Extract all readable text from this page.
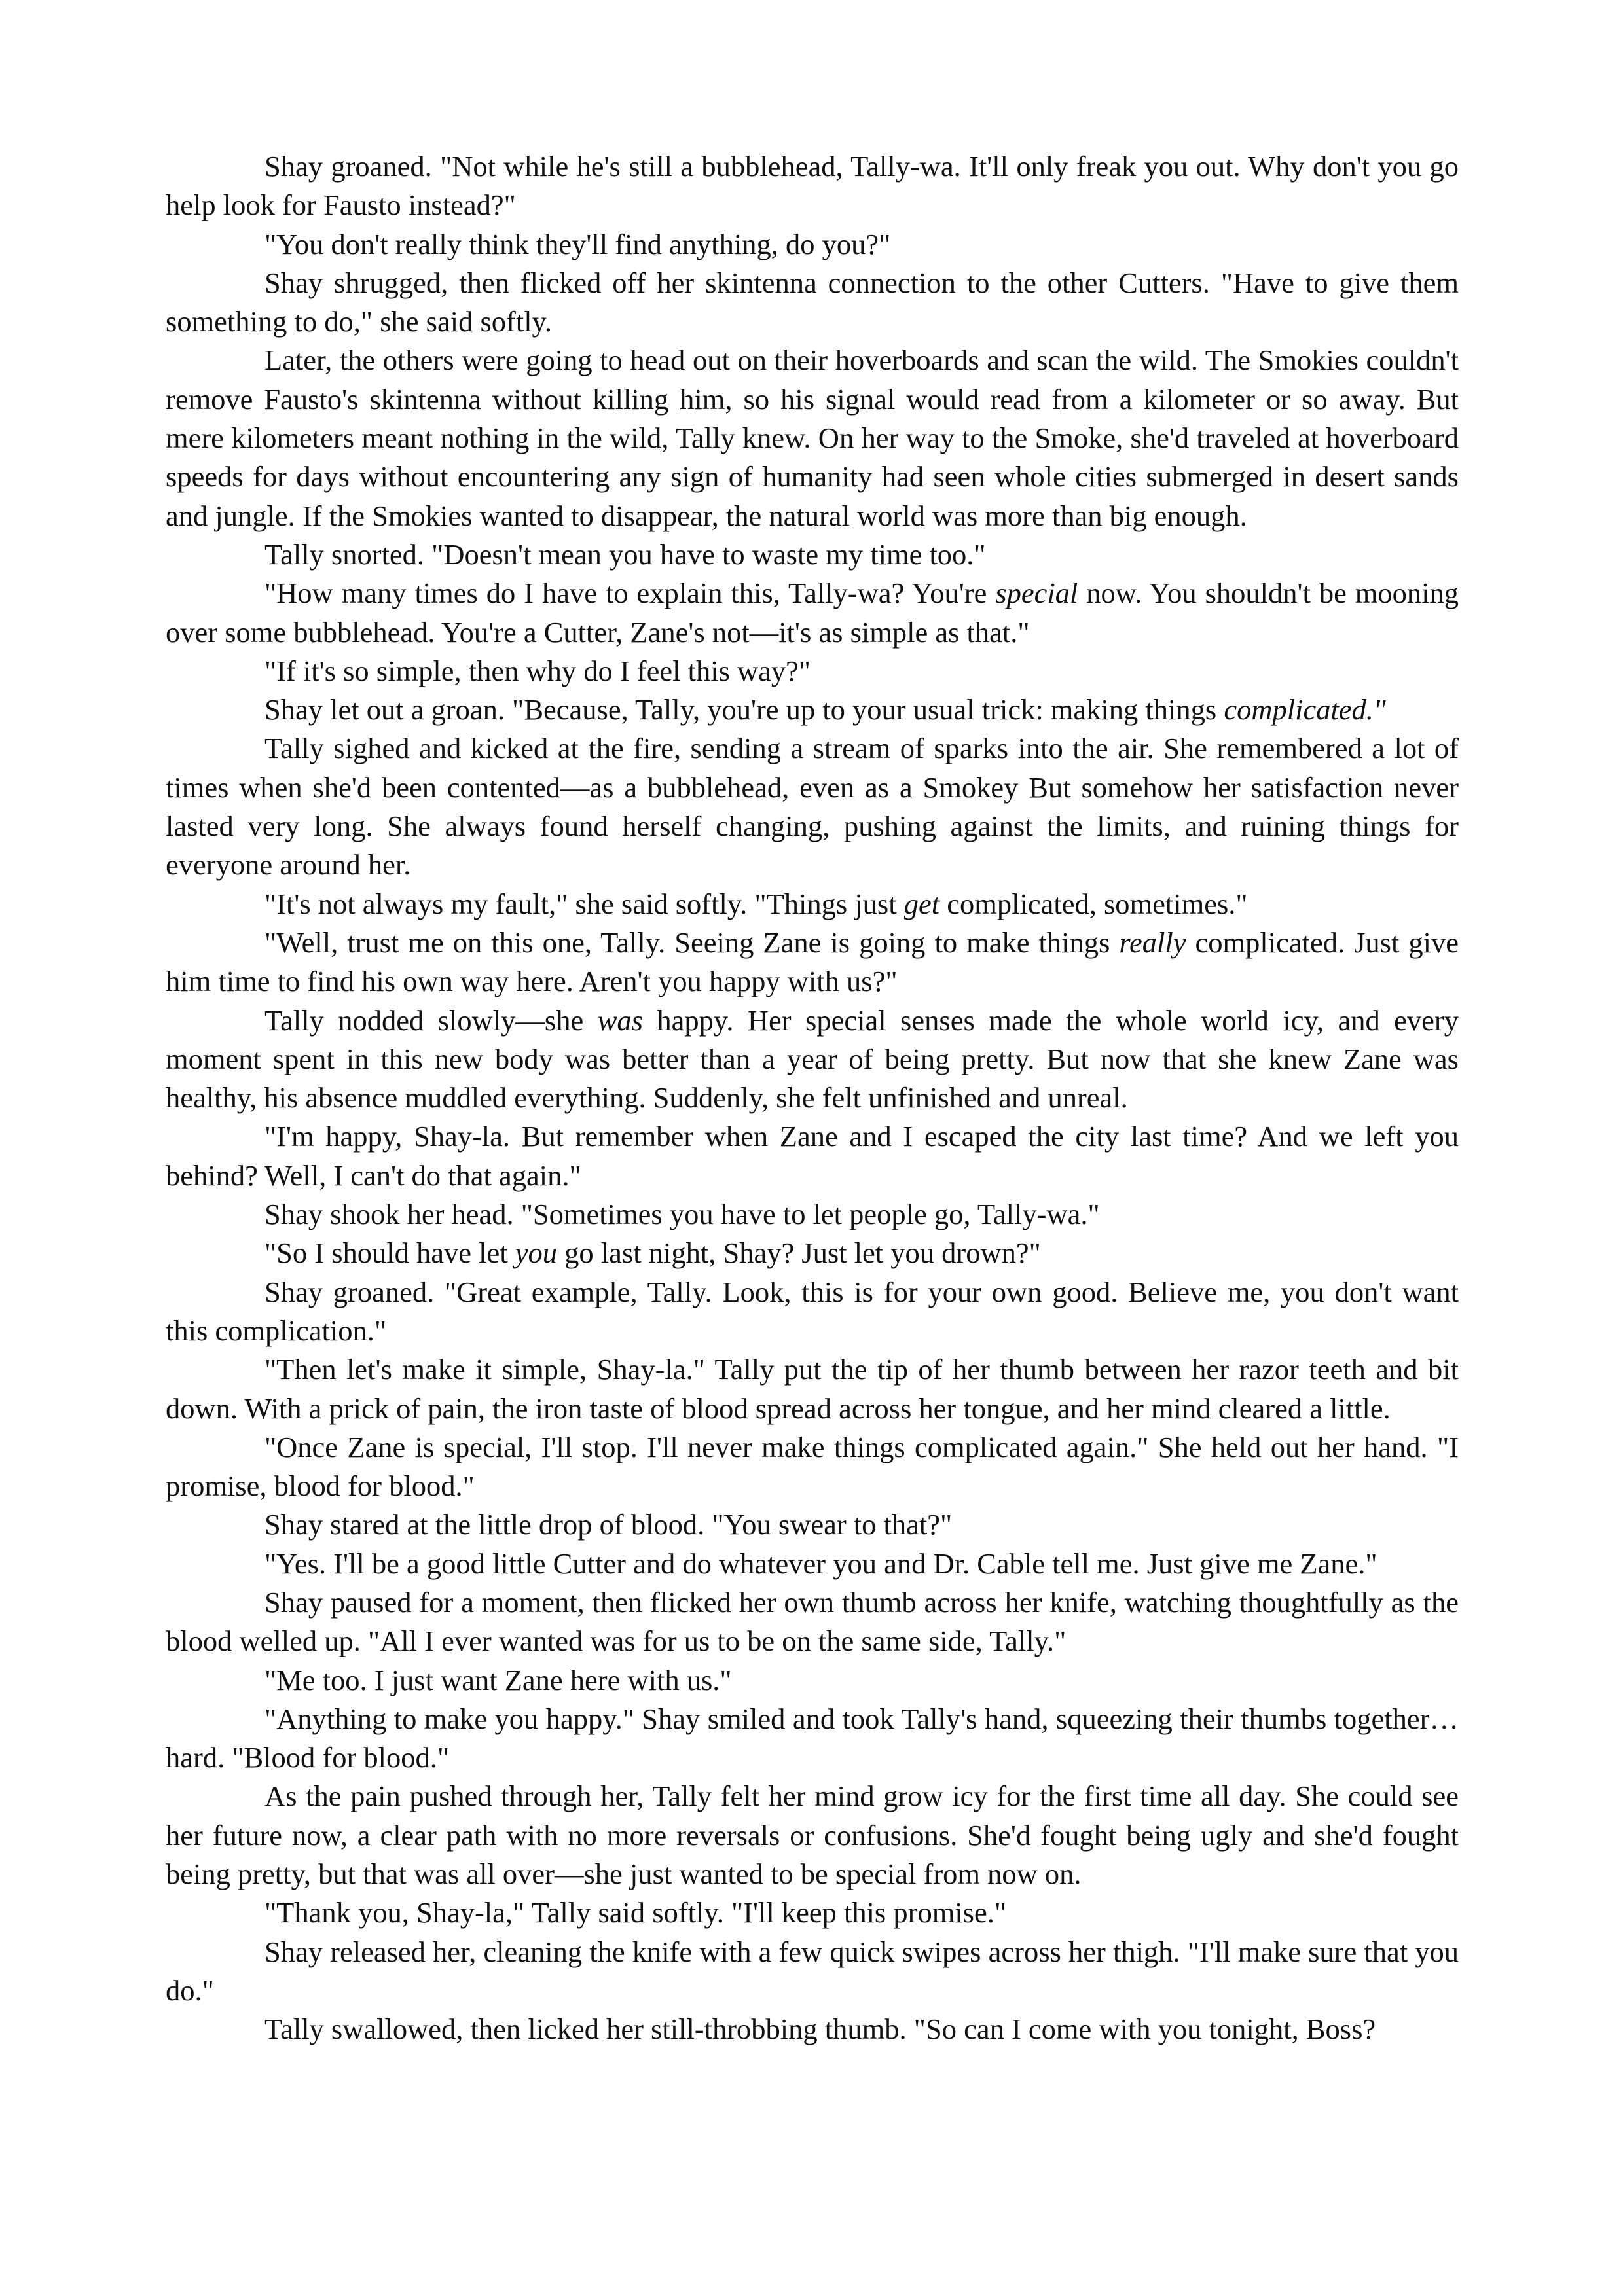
Shay groaned. "Not while he's still a bubblehead, Tally-wa. It'll only freak you out. Why don't you go help look for Fausto instead?"

"You don't really think they'll find anything, do you?"

Shay shrugged, then flicked off her skintenna connection to the other Cutters. "Have to give them something to do," she said softly.

Later, the others were going to head out on their hoverboards and scan the wild. The Smokies couldn't remove Fausto's skintenna without killing him, so his signal would read from a kilometer or so away. But mere kilometers meant nothing in the wild, Tally knew. On her way to the Smoke, she'd traveled at hoverboard speeds for days without encountering any sign of humanity had seen whole cities submerged in desert sands and jungle. If the Smokies wanted to disappear, the natural world was more than big enough.

Tally snorted. "Doesn't mean you have to waste my time too."

"How many times do I have to explain this, Tally-wa? You're special now. You shouldn't be mooning over some bubblehead. You're a Cutter, Zane's not—it's as simple as that."

"If it's so simple, then why do I feel this way?"

Shay let out a groan. "Because, Tally, you're up to your usual trick: making things complicated."

Tally sighed and kicked at the fire, sending a stream of sparks into the air. She remembered a lot of times when she'd been contented—as a bubblehead, even as a Smokey But somehow her satisfaction never lasted very long. She always found herself changing, pushing against the limits, and ruining things for everyone around her.

"It's not always my fault," she said softly. "Things just get complicated, sometimes."

"Well, trust me on this one, Tally. Seeing Zane is going to make things really complicated. Just give him time to find his own way here. Aren't you happy with us?"

Tally nodded slowly—she was happy. Her special senses made the whole world icy, and every moment spent in this new body was better than a year of being pretty. But now that she knew Zane was healthy, his absence muddled everything. Suddenly, she felt unfinished and unreal.

"I'm happy, Shay-la. But remember when Zane and I escaped the city last time? And we left you behind? Well, I can't do that again."

Shay shook her head. "Sometimes you have to let people go, Tally-wa."

"So I should have let you go last night, Shay? Just let you drown?"

Shay groaned. "Great example, Tally. Look, this is for your own good. Believe me, you don't want this complication."

"Then let's make it simple, Shay-la." Tally put the tip of her thumb between her razor teeth and bit down. With a prick of pain, the iron taste of blood spread across her tongue, and her mind cleared a little.

"Once Zane is special, I'll stop. I'll never make things complicated again." She held out her hand. "I promise, blood for blood."

Shay stared at the little drop of blood. "You swear to that?"

"Yes. I'll be a good little Cutter and do whatever you and Dr. Cable tell me. Just give me Zane."

Shay paused for a moment, then flicked her own thumb across her knife, watching thoughtfully as the blood welled up. "All I ever wanted was for us to be on the same side, Tally."

"Me too. I just want Zane here with us."

"Anything to make you happy." Shay smiled and took Tally's hand, squeezing their thumbs together…hard. "Blood for blood."

As the pain pushed through her, Tally felt her mind grow icy for the first time all day. She could see her future now, a clear path with no more reversals or confusions. She'd fought being ugly and she'd fought being pretty, but that was all over—she just wanted to be special from now on.

"Thank you, Shay-la," Tally said softly. "I'll keep this promise."

Shay released her, cleaning the knife with a few quick swipes across her thigh. "I'll make sure that you do."

Tally swallowed, then licked her still-throbbing thumb. "So can I come with you tonight, Boss?
